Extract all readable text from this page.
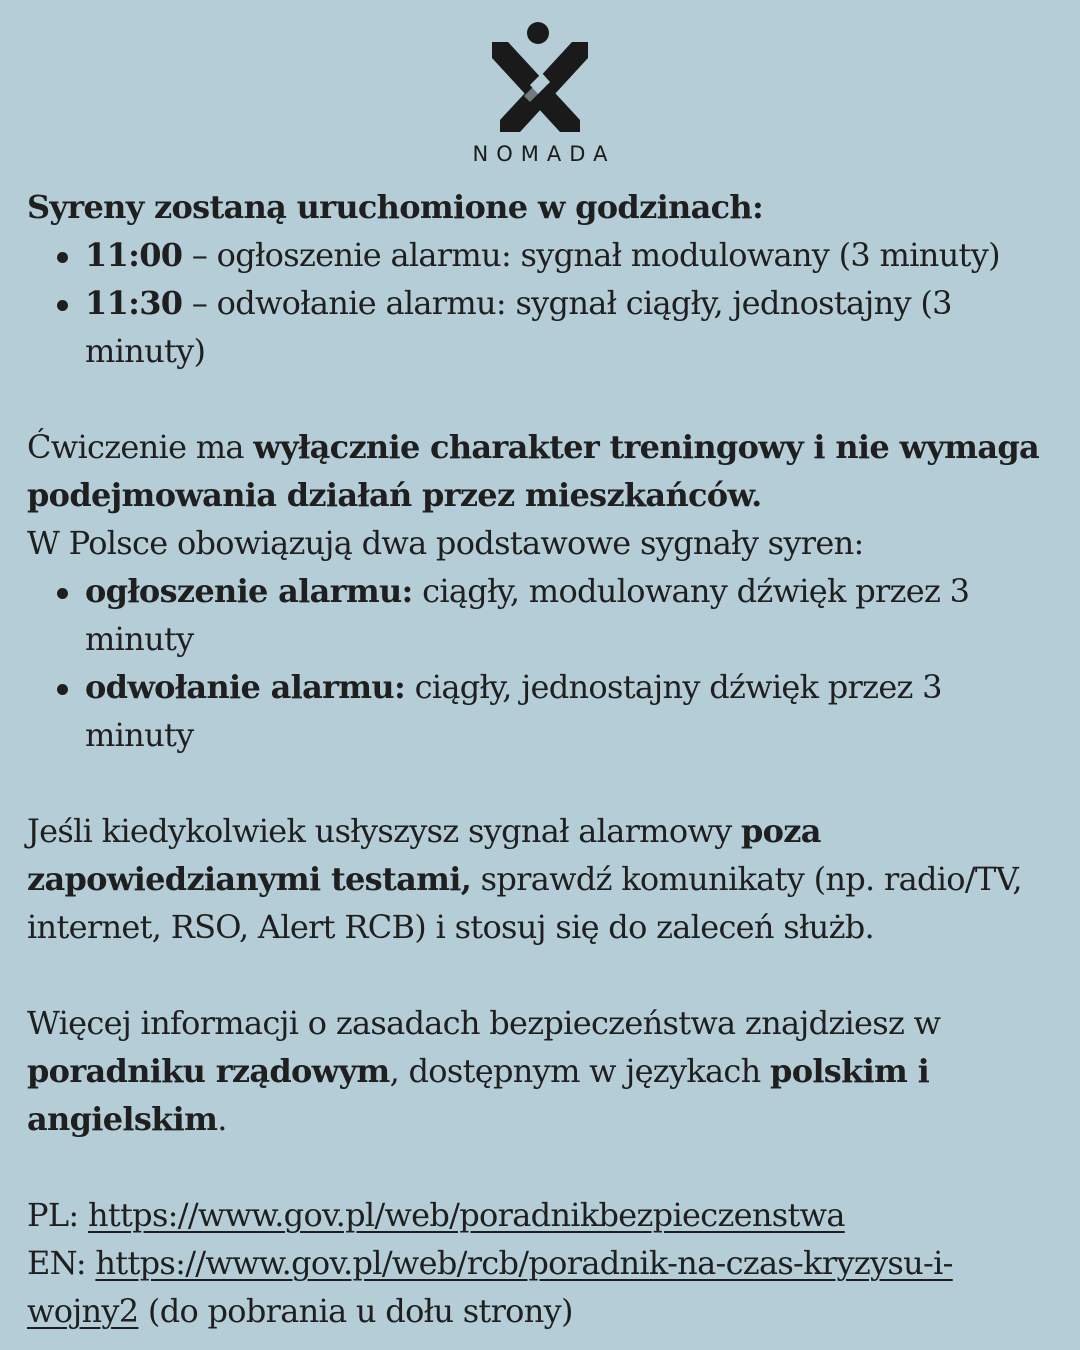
NOMADA
Syreny zostaną uruchomione w godzinach:
11:00 – ogłoszenie alarmu: sygnał modulowany (3 minuty)
11:30 – odwołanie alarmu: sygnał ciągły, jednostajny (3 minuty)
Ćwiczenie ma wyłącznie charakter treningowy i nie wymaga podejmowania działań przez mieszkańców.
W Polsce obowiązują dwa podstawowe sygnały syren:
ogłoszenie alarmu: ciągły, modulowany dźwięk przez 3 minuty
odwołanie alarmu: ciągły, jednostajny dźwięk przez 3 minuty
Jeśli kiedykolwiek usłyszysz sygnał alarmowy poza zapowiedzianymi testami, sprawdź komunikaty (np. radio/TV, internet, RSO, Alert RCB) i stosuj się do zaleceń służb.
Więcej informacji o zasadach bezpieczeństwa znajdziesz w poradniku rządowym, dostępnym w językach polskim i angielskim.
PL: https://www.gov.pl/web/poradnikbezpieczenstwa
EN: https://www.gov.pl/web/rcb/poradnik-na-czas-kryzysu-i-wojny2 (do pobrania u dołu strony)
